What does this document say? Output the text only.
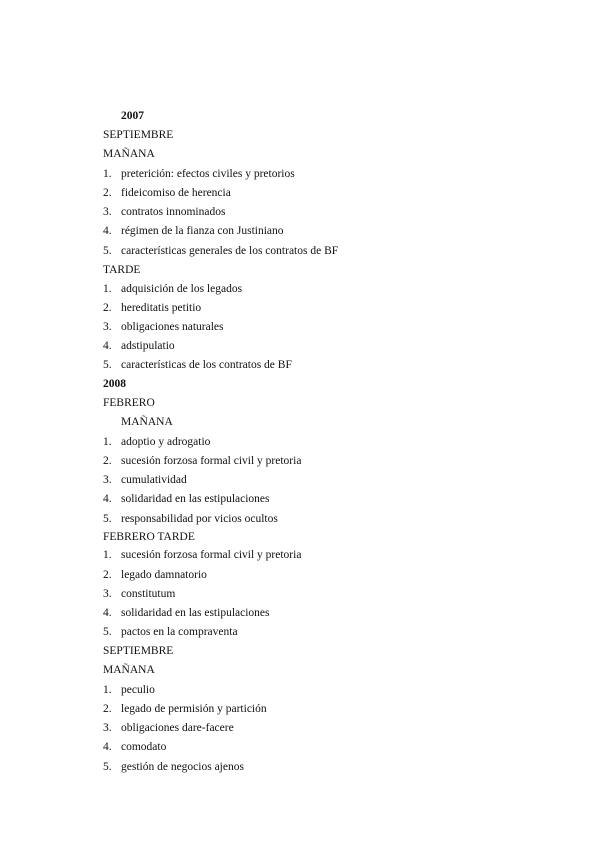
2007
SEPTIEMBRE
MAÑANA
1. preterición: efectos civiles y pretorios
2. fideicomiso de herencia
3. contratos innominados
4. régimen de la fianza con Justiniano
5. características generales de los contratos de BF
TARDE
1. adquisición de los legados
2. hereditatis petitio
3. obligaciones naturales
4. adstipulatio
5. características de los contratos de BF
2008
FEBRERO
MAÑANA
1. adoptio y adrogatio
2. sucesión forzosa formal civil y pretoria
3. cumulatividad
4. solidaridad en las estipulaciones
5. responsabilidad por vicios ocultos
FEBRERO TARDE
1. sucesión forzosa formal civil y pretoria
2. legado damnatorio
3. constitutum
4. solidaridad en las estipulaciones
5. pactos en la compraventa
SEPTIEMBRE
MAÑANA
1. peculio
2. legado de permisión y partición
3. obligaciones dare-facere
4. comodato
5. gestión de negocios ajenos
